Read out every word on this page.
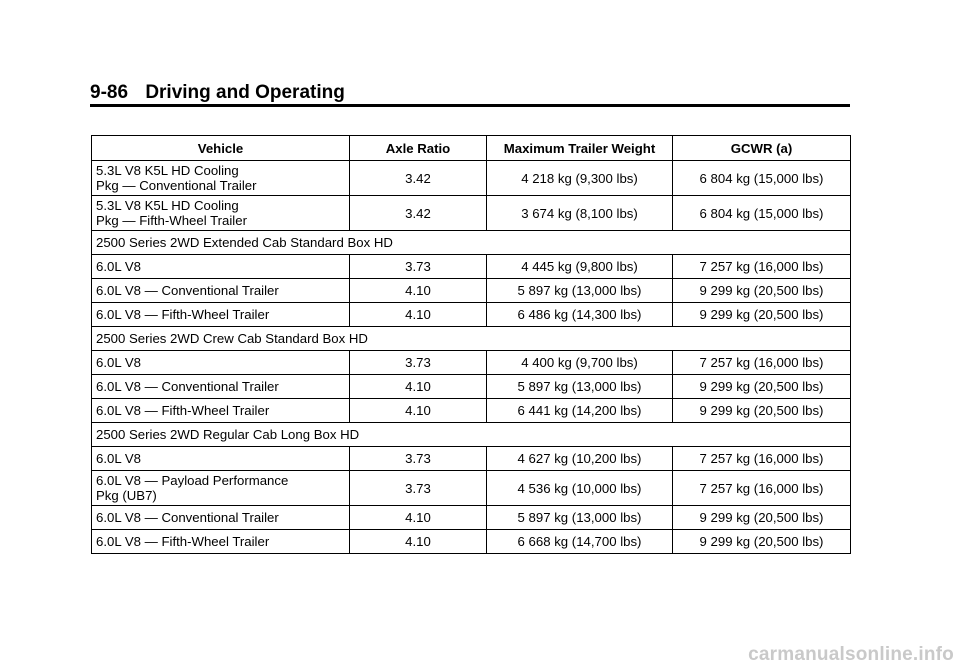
9-86 Driving and Operating
Vehicle	Axle Ratio	Maximum Trailer Weight	GCWR (a)

5.3L V8 K5L HD Cooling
Pkg — Conventional Trailer	3.42	4 218 kg (9,300 lbs)	6 804 kg (15,000 lbs)

5.3L V8 K5L HD Cooling
Pkg — Fifth-Wheel Trailer	3.42	3 674 kg (8,100 lbs)	6 804 kg (15,000 lbs)
2500 Series 2WD Extended Cab Standard Box HD			

6.0L V8	3.73	4 445 kg (9,800 lbs)	7 257 kg (16,000 lbs)

6.0L V8 — Conventional Trailer	4.10	5 897 kg (13,000 lbs)	9 299 kg (20,500 lbs)

6.0L V8 — Fifth-Wheel Trailer	4.10	6 486 kg (14,300 lbs)	9 299 kg (20,500 lbs)
2500 Series 2WD Crew Cab Standard Box HD			

6.0L V8	3.73	4 400 kg (9,700 lbs)	7 257 kg (16,000 lbs)

6.0L V8 — Conventional Trailer	4.10	5 897 kg (13,000 lbs)	9 299 kg (20,500 lbs)

6.0L V8 — Fifth-Wheel Trailer	4.10	6 441 kg (14,200 lbs)	9 299 kg (20,500 lbs)
2500 Series 2WD Regular Cab Long Box HD			

6.0L V8	3.73	4 627 kg (10,200 lbs)	7 257 kg (16,000 lbs)

6.0L V8 — Payload Performance
Pkg (UB7)	3.73	4 536 kg (10,000 lbs)	7 257 kg (16,000 lbs)

6.0L V8 — Conventional Trailer	4.10	5 897 kg (13,000 lbs)	9 299 kg (20,500 lbs)

6.0L V8 — Fifth-Wheel Trailer	4.10	6 668 kg (14,700 lbs)	9 299 kg (20,500 lbs)
carmanualsonline.info
